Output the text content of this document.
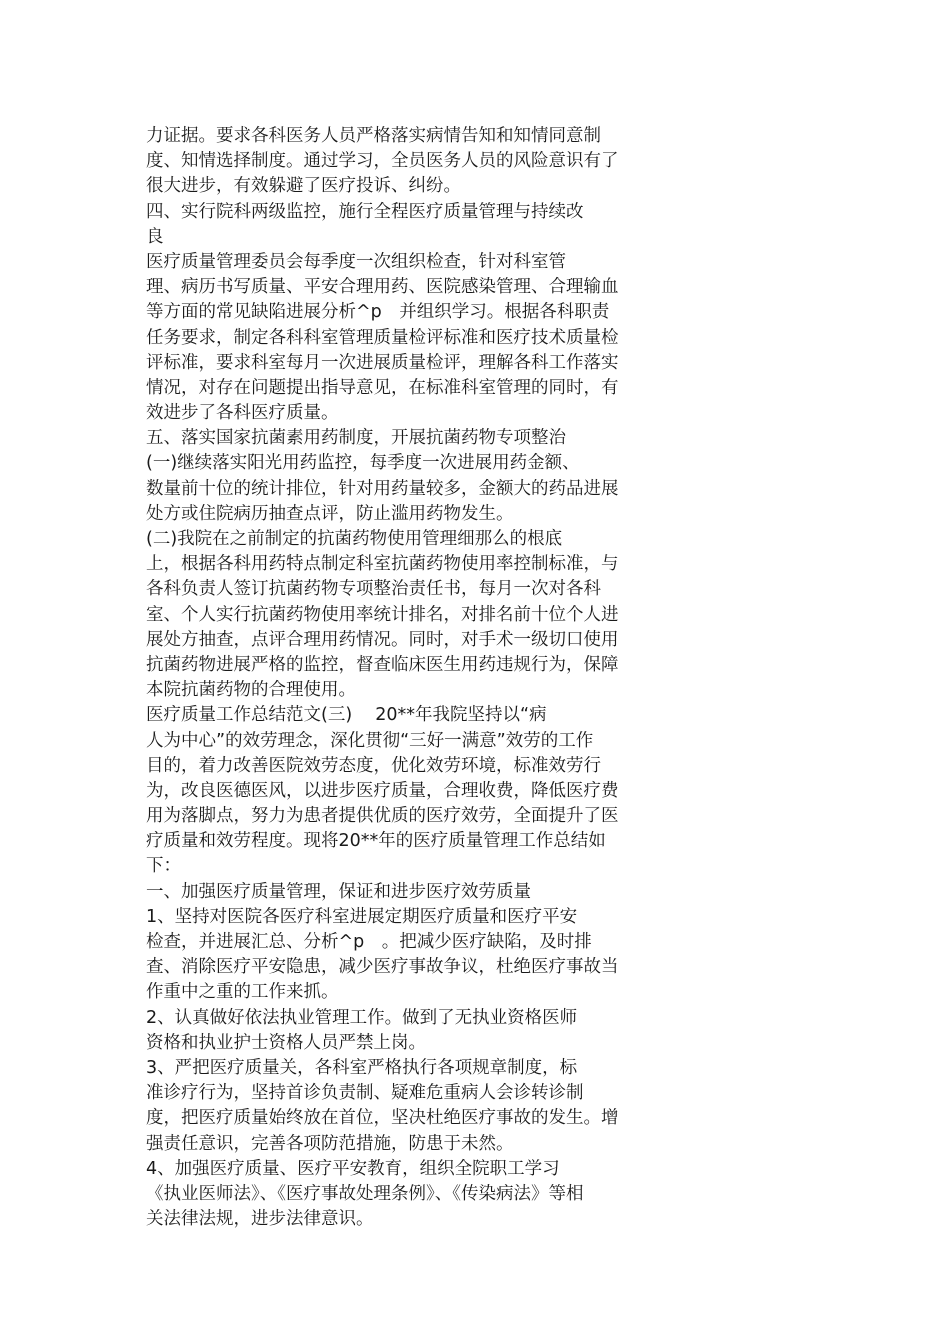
力证据。要求各科医务人员严格落实病情告知和知情同意制
度、知情选择制度。通过学习，全员医务人员的风险意识有了
很大进步，有效躲避了医疗投诉、纠纷。
四、实行院科两级监控，施行全程医疗质量管理与持续改
良
医疗质量管理委员会每季度一次组织检查，针对科室管
理、病历书写质量、平安合理用药、医院感染管理、合理输血
等方面的常见缺陷进展分析^p　并组织学习。根据各科职责
任务要求，制定各科科室管理质量检评标准和医疗技术质量检
评标准，要求科室每月一次进展质量检评，理解各科工作落实
情况，对存在问题提出指导意见，在标准科室管理的同时，有
效进步了各科医疗质量。
五、落实国家抗菌素用药制度，开展抗菌药物专项整治
(一)继续落实阳光用药监控，每季度一次进展用药金额、
数量前十位的统计排位，针对用药量较多，金额大的药品进展
处方或住院病历抽查点评，防止滥用药物发生。
(二)我院在之前制定的抗菌药物使用管理细那么的根底
上，根据各科用药特点制定科室抗菌药物使用率控制标准，与
各科负责人签订抗菌药物专项整治责任书，每月一次对各科
室、个人实行抗菌药物使用率统计排名，对排名前十位个人进
展处方抽查，点评合理用药情况。同时，对手术一级切口使用
抗菌药物进展严格的监控，督查临床医生用药违规行为，保障
本院抗菌药物的合理使用。
医疗质量工作总结范文(三)　 20**年我院坚持以“病
人为中心”的效劳理念，深化贯彻“三好一满意”效劳的工作
目的，着力改善医院效劳态度，优化效劳环境，标准效劳行
为，改良医德医风，以进步医疗质量，合理收费，降低医疗费
用为落脚点，努力为患者提供优质的医疗效劳，全面提升了医
疗质量和效劳程度。现将20**年的医疗质量管理工作总结如
下：
一、加强医疗质量管理，保证和进步医疗效劳质量
1、坚持对医院各医疗科室进展定期医疗质量和医疗平安
检查，并进展汇总、分析^p　。把减少医疗缺陷，及时排
查、消除医疗平安隐患，减少医疗事故争议，杜绝医疗事故当
作重中之重的工作来抓。
2、认真做好依法执业管理工作。做到了无执业资格医师
资格和执业护士资格人员严禁上岗。
3、严把医疗质量关，各科室严格执行各项规章制度，标
准诊疗行为，坚持首诊负责制、疑难危重病人会诊转诊制
度，把医疗质量始终放在首位，坚决杜绝医疗事故的发生。增
强责任意识，完善各项防范措施，防患于未然。
4、加强医疗质量、医疗平安教育，组织全院职工学习
《执业医师法》、《医疗事故处理条例》、《传染病法》等相
关法律法规，进步法律意识。
